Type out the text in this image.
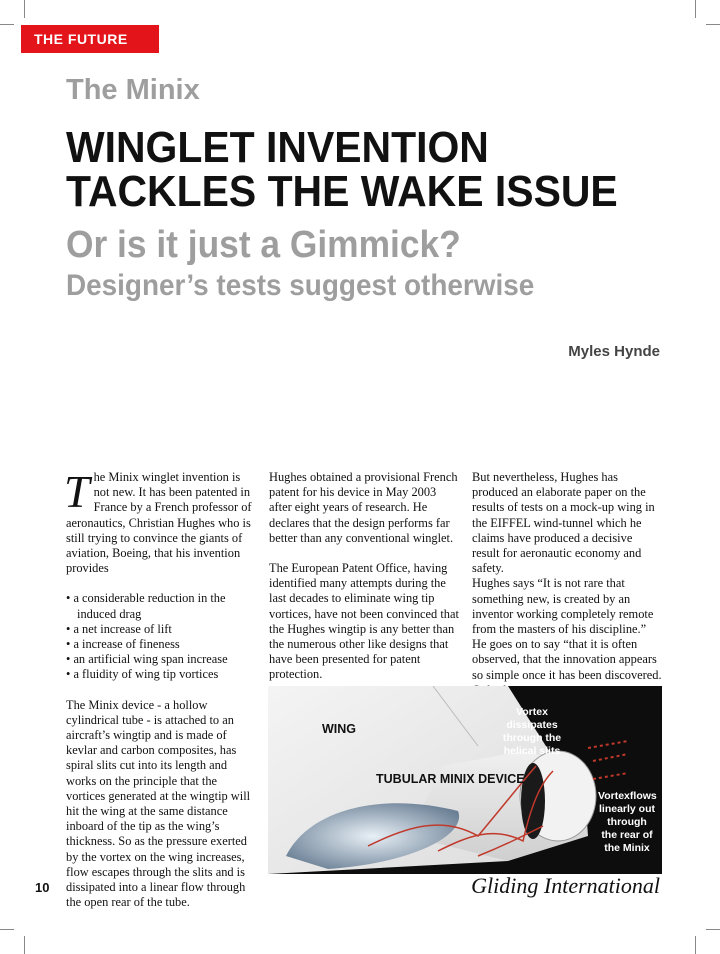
THE FUTURE
The Minix
WINGLET INVENTION
TACKLES THE WAKE ISSUE
Or is it just a Gimmick?
Designer’s tests suggest otherwise
Myles Hynde

The Minix winglet invention is not new. It has been patented in France by a French professor of aeronautics, Christian Hughes who is still trying to convince the giants of aviation, Boeing, that his invention provides

• a considerable reduction in the induced drag
• a net increase of lift
• a increase of fineness
• an artificial wing span increase
• a fluidity of wing tip vortices

The Minix device - a hollow cylindrical tube - is attached to an aircraft’s wingtip and is made of kevlar and carbon composites, has spiral slits cut into its length and works on the principle that the vortices generated at the wingtip will hit the wing at the same distance inboard of the tip as the wing’s thickness. So as the pressure exerted by the vortex on the wing increases, flow escapes through the slits and is dissipated into a linear flow through the open rear of the tube.

Hughes obtained a provisional French patent for his device in May 2003 after eight years of research. He declares that the design performs far better than any conventional winglet.

The European Patent Office, having identified many attempts during the last decades to eliminate wing tip vortices, have not been convinced that the Hughes wingtip is any better than the numerous other like designs that have been presented for patent protection.

But nevertheless, Hughes has produced an elaborate paper on the results of tests on a mock-up wing in the EIFFEL wind-tunnel which he claims have produced a decisive result for aeronautic economy and safety.

Hughes says “It is not rare that something new, is created by an inventor working completely remote from the masters of his discipline.” He goes on to say “that it is often observed, that the innovation appears so simple once it has been discovered.

WING
TUBULAR MINIX DEVICE
Vortex dissipates through the helical slits
Vortexflows linearly out through the rear of the Minix
10	Gliding International
